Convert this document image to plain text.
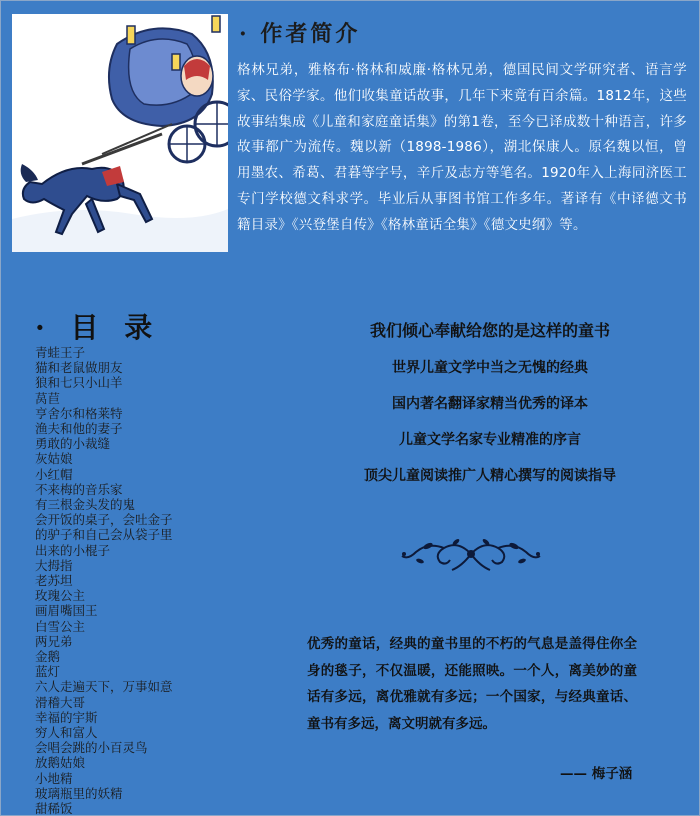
· 作者简介
格林兄弟，雅格布·格林和威廉·格林兄弟，德国民间文学研究者、语言学家、民俗学家。他们收集童话故事，几年下来竟有百余篇。1812年，这些故事结集成《儿童和家庭童话集》的第1卷，至今已译成数十种语言，许多故事都广为流传。魏以新（1898-1986），湖北保康人。原名魏以恒，曾用墨农、希葛、君暮等字号，辛斤及志方等笔名。1920年入上海同济医工专门学校德文科求学。毕业后从事图书馆工作多年。著译有《中译德文书籍目录》《兴登堡自传》《格林童话全集》《德文史纲》等。
· 目 录
青蛙王子
猫和老鼠做朋友
狼和七只小山羊
莴苣
亨舍尔和格莱特
渔夫和他的妻子
勇敢的小裁缝
灰姑娘
小红帽
不来梅的音乐家
有三根金头发的鬼
会开饭的桌子，会吐金子
的驴子和自己会从袋子里
出来的小棍子
大拇指
老苏坦
玫瑰公主
画眉嘴国王
白雪公主
两兄弟
金鹅
蓝灯
六人走遍天下，万事如意
滑稽大哥
幸福的宇斯
穷人和富人
会唱会跳的小百灵鸟
放鹅姑娘
小地精
玻璃瓶里的妖精
甜稀饭
我们倾心奉献给您的是这样的童书
世界儿童文学中当之无愧的经典
国内著名翻译家精当优秀的译本
儿童文学名家专业精准的序言
顶尖儿童阅读推广人精心撰写的阅读指导
优秀的童话，经典的童书里的不朽的气息是盖得住你全身的毯子，不仅温暖，还能照映。一个人，离美妙的童话有多远，离优雅就有多远；一个国家，与经典童话、童书有多远，离文明就有多远。
—— 梅子涵
